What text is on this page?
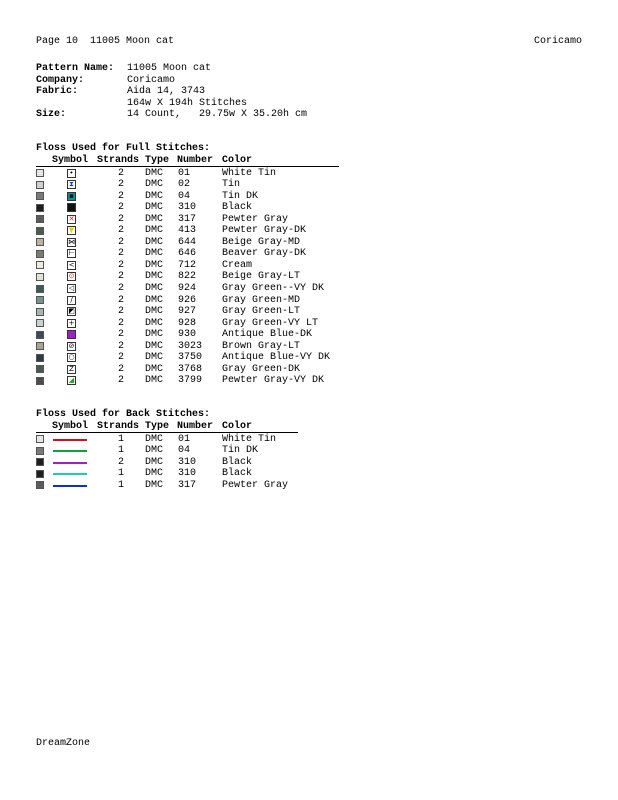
Page 10  11005 Moon cat	Coricamo
Pattern Name: 11005 Moon cat
Company:	Coricamo
Fabric:	Aida 14, 3743
164w X 194h Stitches
Size:	14 Count,   29.75w X 35.20h cm
Floss Used for Full Stitches:
Symbol Strands Type Number Color
•	2 DMC 01	White Tin
⧗	2 DMC 02	Tin
▪	2 DMC 04	Tin DK
▪	2 DMC 310	Black
✕	2 DMC 317	Pewter Gray
▼	2 DMC 413	Pewter Gray-DK
⋈	2 DMC 644	Beige Gray-MD
⊢	2 DMC 646	Beaver Gray-DK
<	2 DMC 712	Cream
⊙	2 DMC 822	Beige Gray-LT
◁	2 DMC 924	Gray Green--VY DK
/	2 DMC 926	Gray Green-MD
◩	2 DMC 927	Gray Green-LT
+	2 DMC 928	Gray Green-VY LT
▪	2 DMC 930	Antique Blue-DK
⊘	2 DMC 3023 Brown Gray-LT
○	2 DMC 3750 Antique Blue-VY DK
Z	2 DMC 3768 Gray Green-DK
◢	2 DMC 3799 Pewter Gray-VY DK
Floss Used for Back Stitches:
Symbol Strands Type Number Color
1 DMC 01	White Tin
1 DMC 04	Tin DK
2 DMC 310	Black
1 DMC 310	Black
1 DMC 317	Pewter Gray
DreamZone
